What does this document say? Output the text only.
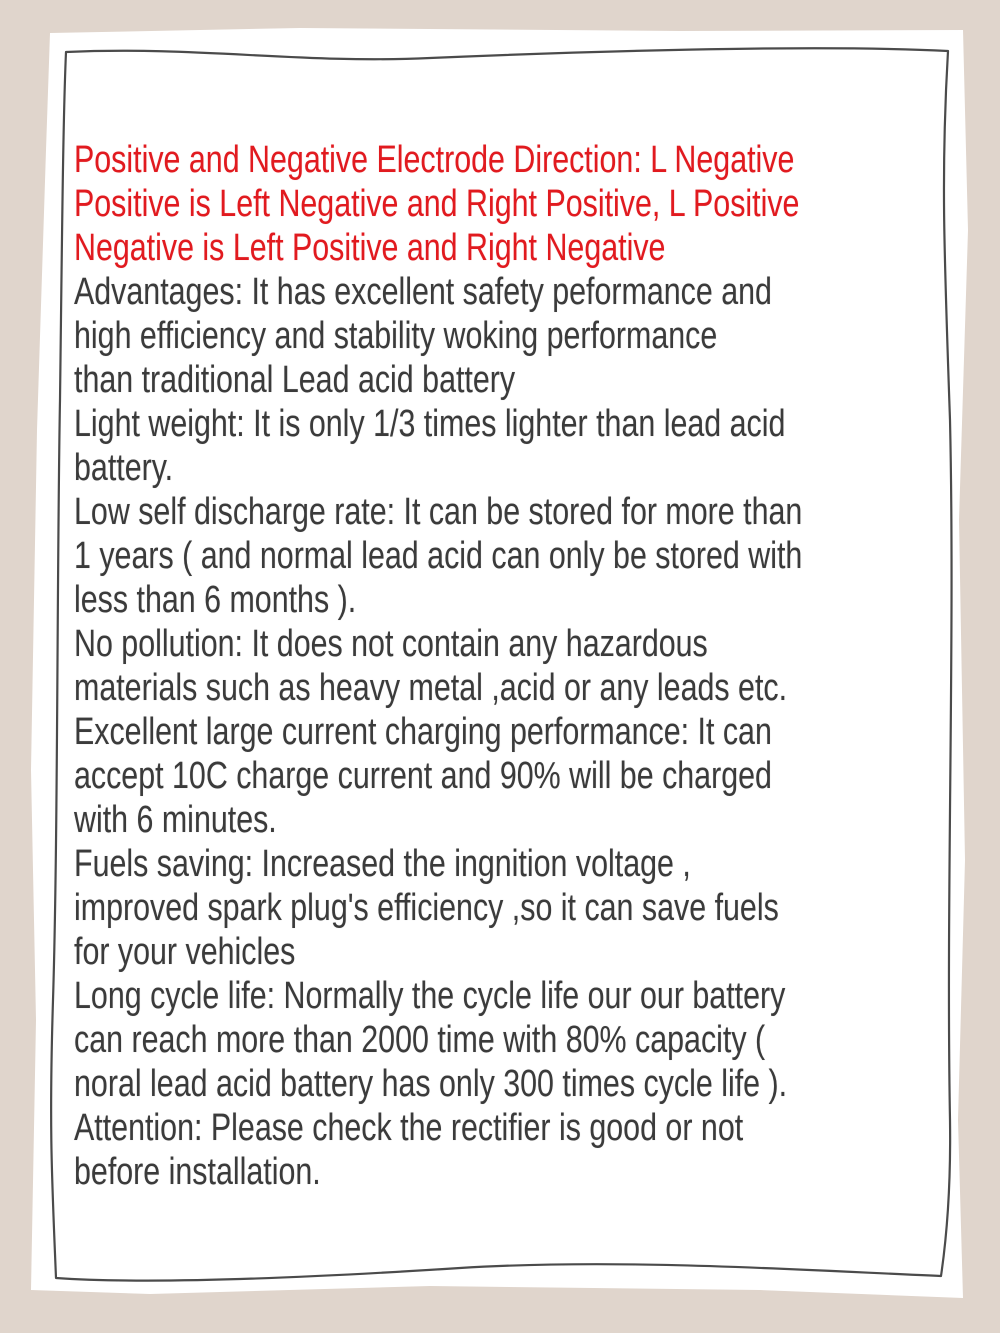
Positive and Negative Electrode Direction: L Negative
Positive is Left Negative and Right Positive, L Positive
Negative is Left Positive and Right Negative
Advantages: It has excellent safety peformance and
high efficiency and stability woking performance
than traditional Lead acid battery
Light weight: It is only 1/3 times lighter than lead acid
battery.
Low self discharge rate: It can be stored for more than
1 years ( and normal lead acid can only be stored with
less than 6 months ).
No pollution: It does not contain any hazardous
materials such as heavy metal ,acid or any leads etc.
Excellent large current charging performance: It can
accept 10C charge current and 90% will be charged
with 6 minutes.
Fuels saving: Increased the ingnition voltage ,
improved spark plug's efficiency ,so it can save fuels
for your vehicles
Long cycle life: Normally the cycle life our our battery
can reach more than 2000 time with 80% capacity (
noral lead acid battery has only 300 times cycle life ).
Attention: Please check the rectifier is good or not
before installation.
